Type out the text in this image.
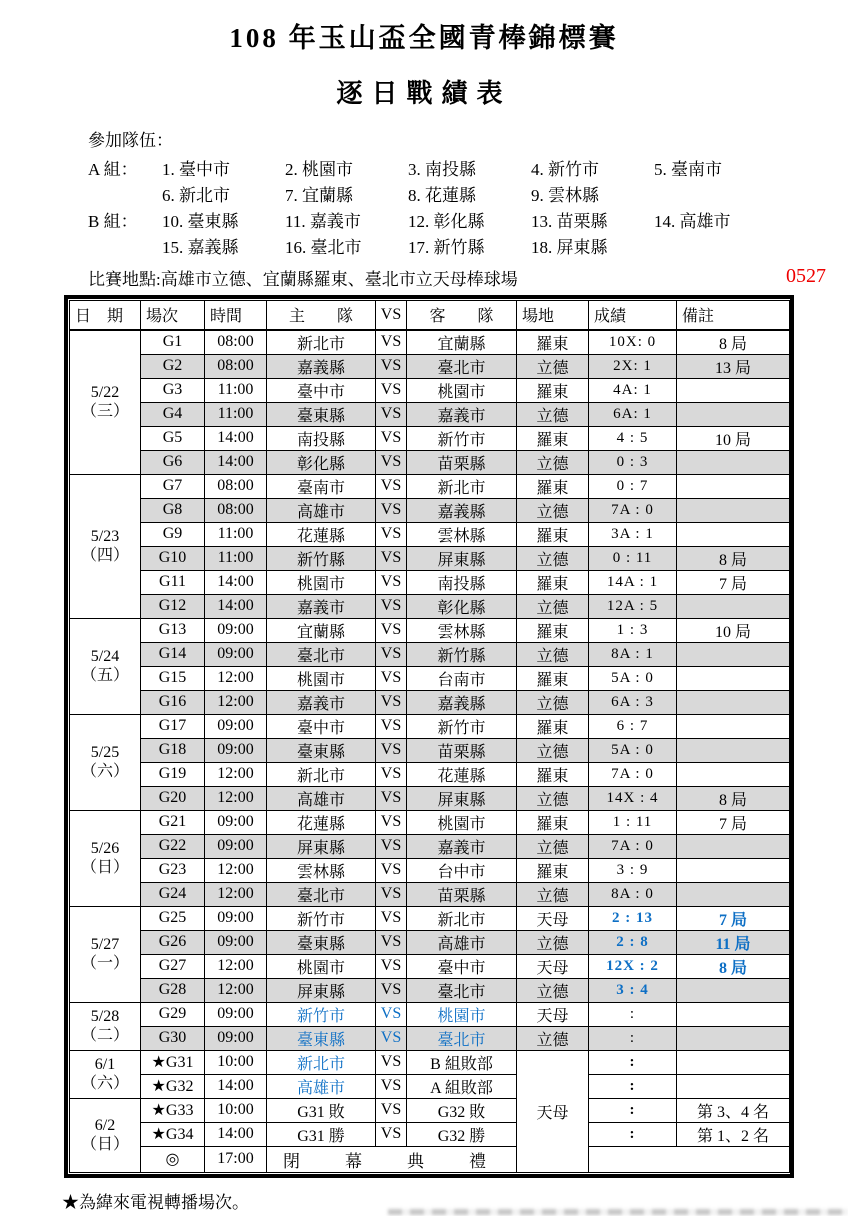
108 年玉山盃全國青棒錦標賽
逐日戰績表
參加隊伍：
A 組：	1. 臺中市	2. 桃園市	3. 南投縣	4. 新竹市	5. 臺南市
6. 新北市	7. 宜蘭縣	8. 花蓮縣	9. 雲林縣
B 組：	10. 臺東縣	11. 嘉義市	12. 彰化縣	13. 苗栗縣	14. 高雄市
15. 嘉義縣	16. 臺北市	17. 新竹縣	18. 屏東縣
比賽地點:高雄市立德、宜蘭縣羅東、臺北市立天母棒球場	0527
日　期	場次	時間	主　　隊	VS	客　　隊	場地	成績	備註

5/22
（三）	G1	08:00	新北市	VS	宜蘭縣	羅東	10X: 0	8 局
	G2	08:00	嘉義縣	VS	臺北市	立德	2X: 1	13 局
	G3	11:00	臺中市	VS	桃園市	羅東	4A: 1	
	G4	11:00	臺東縣	VS	嘉義市	立德	6A: 1	
	G5	14:00	南投縣	VS	新竹市	羅東	4 : 5	10 局
	G6	14:00	彰化縣	VS	苗栗縣	立德	0 : 3	

5/23
（四）	G7	08:00	臺南市	VS	新北市	羅東	0 : 7	
	G8	08:00	高雄市	VS	嘉義縣	立德	7A : 0	
	G9	11:00	花蓮縣	VS	雲林縣	羅東	3A : 1	
	G10	11:00	新竹縣	VS	屏東縣	立德	0 : 11	8 局
	G11	14:00	桃園市	VS	南投縣	羅東	14A : 1	7 局
	G12	14:00	嘉義市	VS	彰化縣	立德	12A : 5	

5/24
（五）	G13	09:00	宜蘭縣	VS	雲林縣	羅東	1 : 3	10 局
	G14	09:00	臺北市	VS	新竹縣	立德	8A : 1	
	G15	12:00	桃園市	VS	台南市	羅東	5A : 0	
	G16	12:00	嘉義市	VS	嘉義縣	立德	6A : 3	

5/25
（六）	G17	09:00	臺中市	VS	新竹市	羅東	6 : 7	
	G18	09:00	臺東縣	VS	苗栗縣	立德	5A : 0	
	G19	12:00	新北市	VS	花蓮縣	羅東	7A : 0	
	G20	12:00	高雄市	VS	屏東縣	立德	14X : 4	8 局

5/26
（日）	G21	09:00	花蓮縣	VS	桃園市	羅東	1 : 11	7 局
	G22	09:00	屏東縣	VS	嘉義市	立德	7A : 0	
	G23	12:00	雲林縣	VS	台中市	羅東	3 : 9	
	G24	12:00	臺北市	VS	苗栗縣	立德	8A : 0	

5/27
（一）	G25	09:00	新竹市	VS	新北市	天母	2 : 13	7 局
	G26	09:00	臺東縣	VS	高雄市	立德	2 : 8	11 局
	G27	12:00	桃園市	VS	臺中市	天母	12X : 2	8 局
	G28	12:00	屏東縣	VS	臺北市	立德	3 : 4	

5/28
（二）	G29	09:00	新竹市	VS	桃園市	天母	:	
	G30	09:00	臺東縣	VS	臺北市	立德	:	

6/1
（六）	★G31	10:00	新北市	VS	B 組敗部	天母	:	
	★G32	14:00	高雄市	VS	A 組敗部		:	

6/2
（日）	★G33	10:00	G31 敗	VS	G32 敗		:	第 3、4 名
	★G34	14:00	G31 勝	VS	G32 勝		:	第 1、2 名
	◎	17:00	閉　幕　典　禮					
★為緯來電視轉播場次。
